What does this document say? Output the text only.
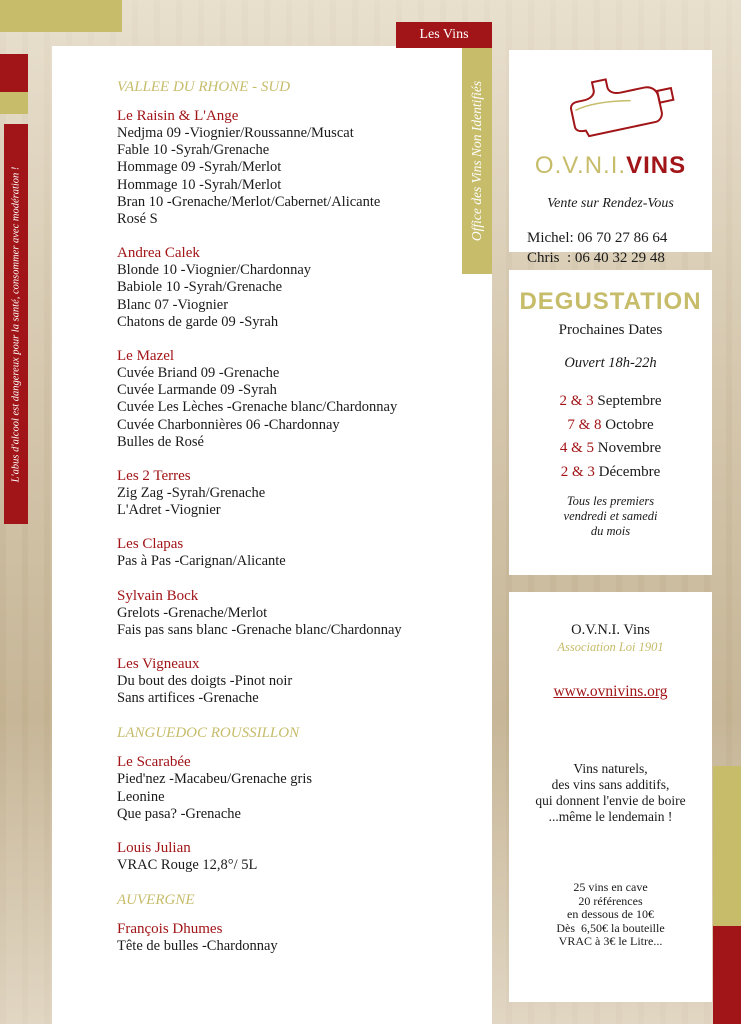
L'abus d'alcool est dangereux pour la santé, consommer avec modération !
Les Vins
Office des Vins Non Identifiés
VALLEE DU RHONE - SUD
Le Raisin & L'Ange
Nedjma 09 -Viognier/Roussanne/Muscat
Fable 10 -Syrah/Grenache
Hommage 09 -Syrah/Merlot
Hommage 10 -Syrah/Merlot
Bran 10 -Grenache/Merlot/Cabernet/Alicante
Rosé S
Andrea Calek
Blonde 10 -Viognier/Chardonnay
Babiole 10 -Syrah/Grenache
Blanc 07 -Viognier
Chatons de garde 09 -Syrah
Le Mazel
Cuvée Briand 09 -Grenache
Cuvée Larmande 09 -Syrah
Cuvée Les Lèches -Grenache blanc/Chardonnay
Cuvée Charbonnières 06 -Chardonnay
Bulles de Rosé
Les 2 Terres
Zig Zag -Syrah/Grenache
L'Adret -Viognier
Les Clapas
Pas à Pas -Carignan/Alicante
Sylvain Bock
Grelots -Grenache/Merlot
Fais pas sans blanc -Grenache blanc/Chardonnay
Les Vigneaux
Du bout des doigts -Pinot noir
Sans artifices -Grenache
LANGUEDOC ROUSSILLON
Le Scarabée
Pied'nez -Macabeu/Grenache gris
Leonine
Que pasa? -Grenache
Louis Julian
VRAC Rouge 12,8°/ 5L
AUVERGNE
François Dhumes
Tête de bulles -Chardonnay
O.V.N.I.VINS
Vente sur Rendez-Vous
Michel: 06 70 27 86 64
Chris  : 06 40 32 29 48
DEGUSTATION
Prochaines Dates
Ouvert 18h-22h
2 & 3 Septembre
7 & 8 Octobre
4 & 5 Novembre
2 & 3 Décembre
Tous les premiers
vendredi et samedi
du mois
O.V.N.I. Vins
Association Loi 1901
www.ovnivins.org
Vins naturels,
des vins sans additifs,
qui donnent l'envie de boire
...même le lendemain !
25 vins en cave
20 références
en dessous de 10€
Dès  6,50€ la bouteille
VRAC à 3€ le Litre...
